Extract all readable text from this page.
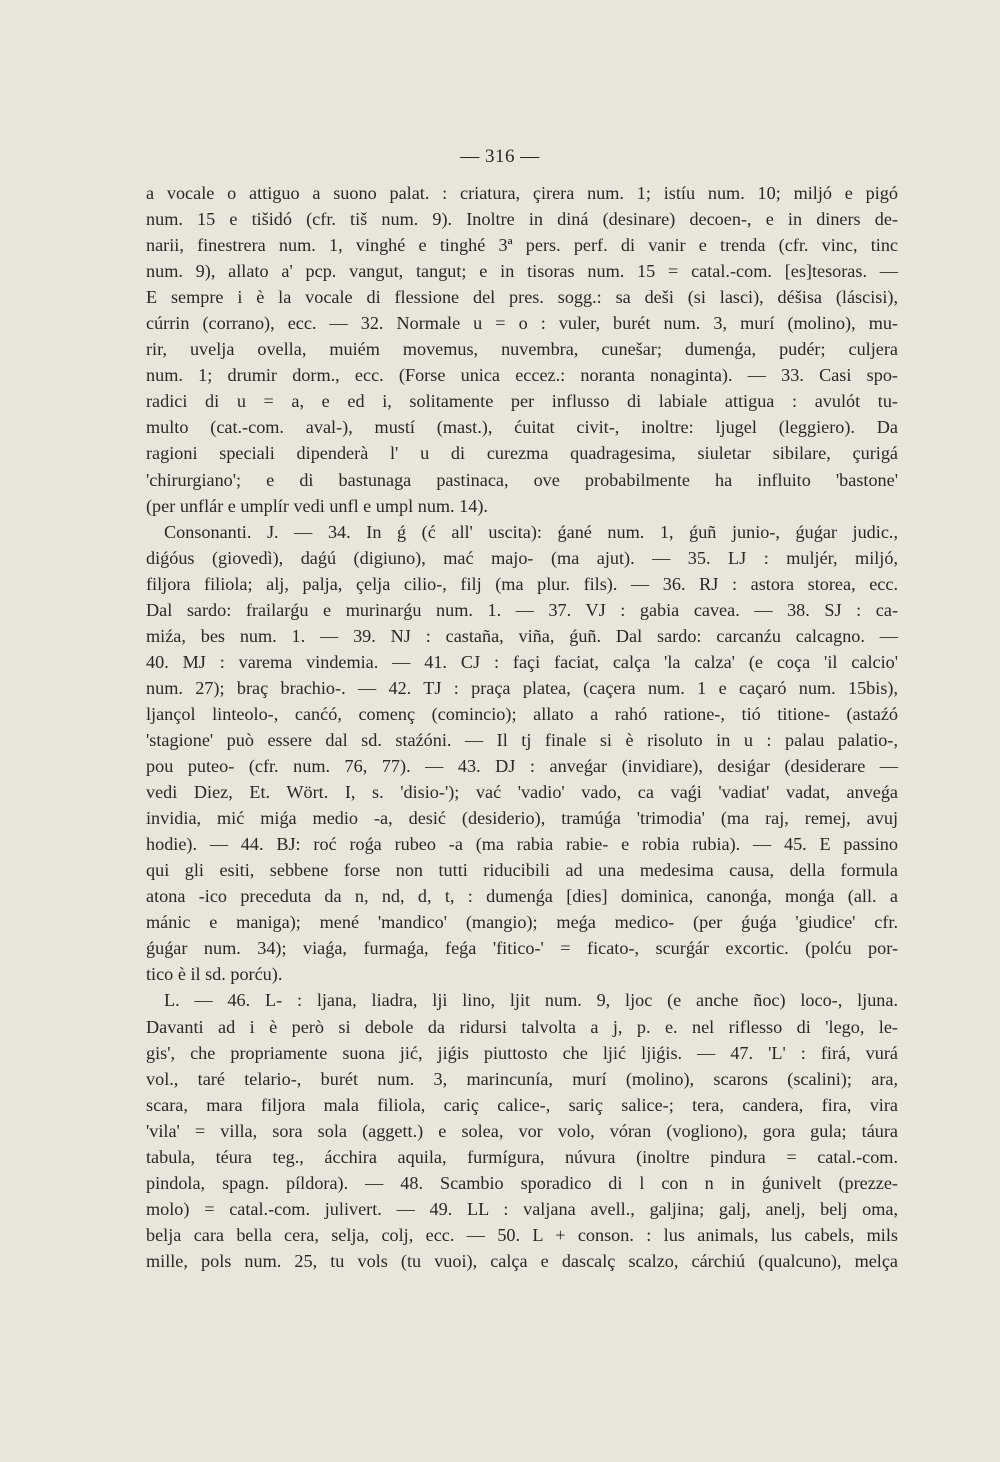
— 316 —
a vocale o attiguo a suono palat. : criatura, çirera num. 1; istíu num. 10; miljó e pigó
num. 15 e tišidó (cfr. tiš num. 9). Inoltre in diná (desinare) decoen-, e in diners de-
narii, finestrera num. 1, vinghé e tinghé 3ª pers. perf. di vanir e trenda (cfr. vinc, tinc
num. 9), allato a' pcp. vangut, tangut; e in tisoras num. 15 = catal.-com. [es]tesoras. —
E sempre i è la vocale di flessione del pres. sogg.: sa deši (si lasci), déšisa (láscisi),
cúrrin (corrano), ecc. — 32. Normale u = o : vuler, burét num. 3, murí (molino), mu-
rir, uvelja ovella, muiém movemus, nuvembra, cunešar; dumenǵa, pudér; culjera
num. 1; drumir dorm., ecc. (Forse unica eccez.: noranta nonaginta). — 33. Casi spo-
radici di u = a, e ed i, solitamente per influsso di labiale attigua : avulót tu-
multo (cat.-com. aval-), mustí (mast.), ćuitat civit-, inoltre: ljugel (leggiero). Da
ragioni speciali dipenderà l' u di curezma quadragesima, siuletar sibilare, çurigá
'chirurgiano'; e di bastunaga pastinaca, ove probabilmente ha influito 'bastone'
(per unflár e umplír vedi unfl e umpl num. 14).
Consonanti. J. — 34. In ǵ (ć all' uscita): ǵané num. 1, ǵuñ junio-, ǵuǵar judic.,
diǵóus (giovedì), daǵú (digiuno), mać majo- (ma ajut). — 35. LJ : muljér, miljó,
filjora filiola; alj, palja, çelja cilio-, filj (ma plur. fils). — 36. RJ : astora storea, ecc.
Dal sardo: frailarǵu e murinarǵu num. 1. — 37. VJ : gabia cavea. — 38. SJ : ca-
miźa, bes num. 1. — 39. NJ : castaña, viña, ǵuñ. Dal sardo: carcanźu calcagno. —
40. MJ : varema vindemia. — 41. CJ : façi faciat, calça 'la calza' (e coça 'il calcio'
num. 27); braç brachio-. — 42. TJ : praça platea, (caçera num. 1 e caçaró num. 15bis),
ljançol linteolo-, canćó, començ (comincio); allato a rahó ratione-, tió titione- (astaźó
'stagione' può essere dal sd. staźóni. — Il tj finale si è risoluto in u : palau palatio-,
pou puteo- (cfr. num. 76, 77). — 43. DJ : anveǵar (invidiare), desiǵar (desiderare —
vedi Diez, Et. Wört. I, s. 'disio-'); vać 'vadio' vado, ca vaǵi 'vadiat' vadat, anveǵa
invidia, mić miǵa medio -a, desić (desiderio), tramúǵa 'trimodia' (ma raj, remej, avuj
hodie). — 44. BJ: roć roǵa rubeo -a (ma rabia rabie- e robia rubia). — 45. E passino
qui gli esiti, sebbene forse non tutti riducibili ad una medesima causa, della formula
atona -ico preceduta da n, nd, d, t, : dumenǵa [dies] dominica, canonǵa, monǵa (all. a
mánic e maniga); mené 'mandico' (mangio); meǵa medico- (per ǵuǵa 'giudice' cfr.
ǵuǵar num. 34); viaǵa, furmaǵa, feǵa 'fitico-' = ficato-, scurǵár excortic. (polću por-
tico è il sd. porću).
L. — 46. L- : ljana, liadra, lji lino, ljit num. 9, ljoc (e anche ñoc) loco-, ljuna.
Davanti ad i è però si debole da ridursi talvolta a j, p. e. nel riflesso di 'lego, le-
gis', che propriamente suona jić, jiǵis piuttosto che ljić ljiǵis. — 47. 'L' : firá, vurá
vol., taré telario-, burét num. 3, marincunía, murí (molino), scarons (scalini); ara,
scara, mara filjora mala filiola, cariç calice-, sariç salice-; tera, candera, fira, vira
'vila' = villa, sora sola (aggett.) e solea, vor volo, vóran (vogliono), gora gula; táura
tabula, téura teg., ácchira aquila, furmígura, núvura (inoltre pindura = catal.-com.
pindola, spagn. píldora). — 48. Scambio sporadico di l con n in ǵunivelt (prezze-
molo) = catal.-com. julivert. — 49. LL : valjana avell., galjina; galj, anelj, belj oma,
belja cara bella cera, selja, colj, ecc. — 50. L + conson. : lus animals, lus cabels, mils
mille, pols num. 25, tu vols (tu vuoi), calça e dascalç scalzo, cárchiú (qualcuno), melça
